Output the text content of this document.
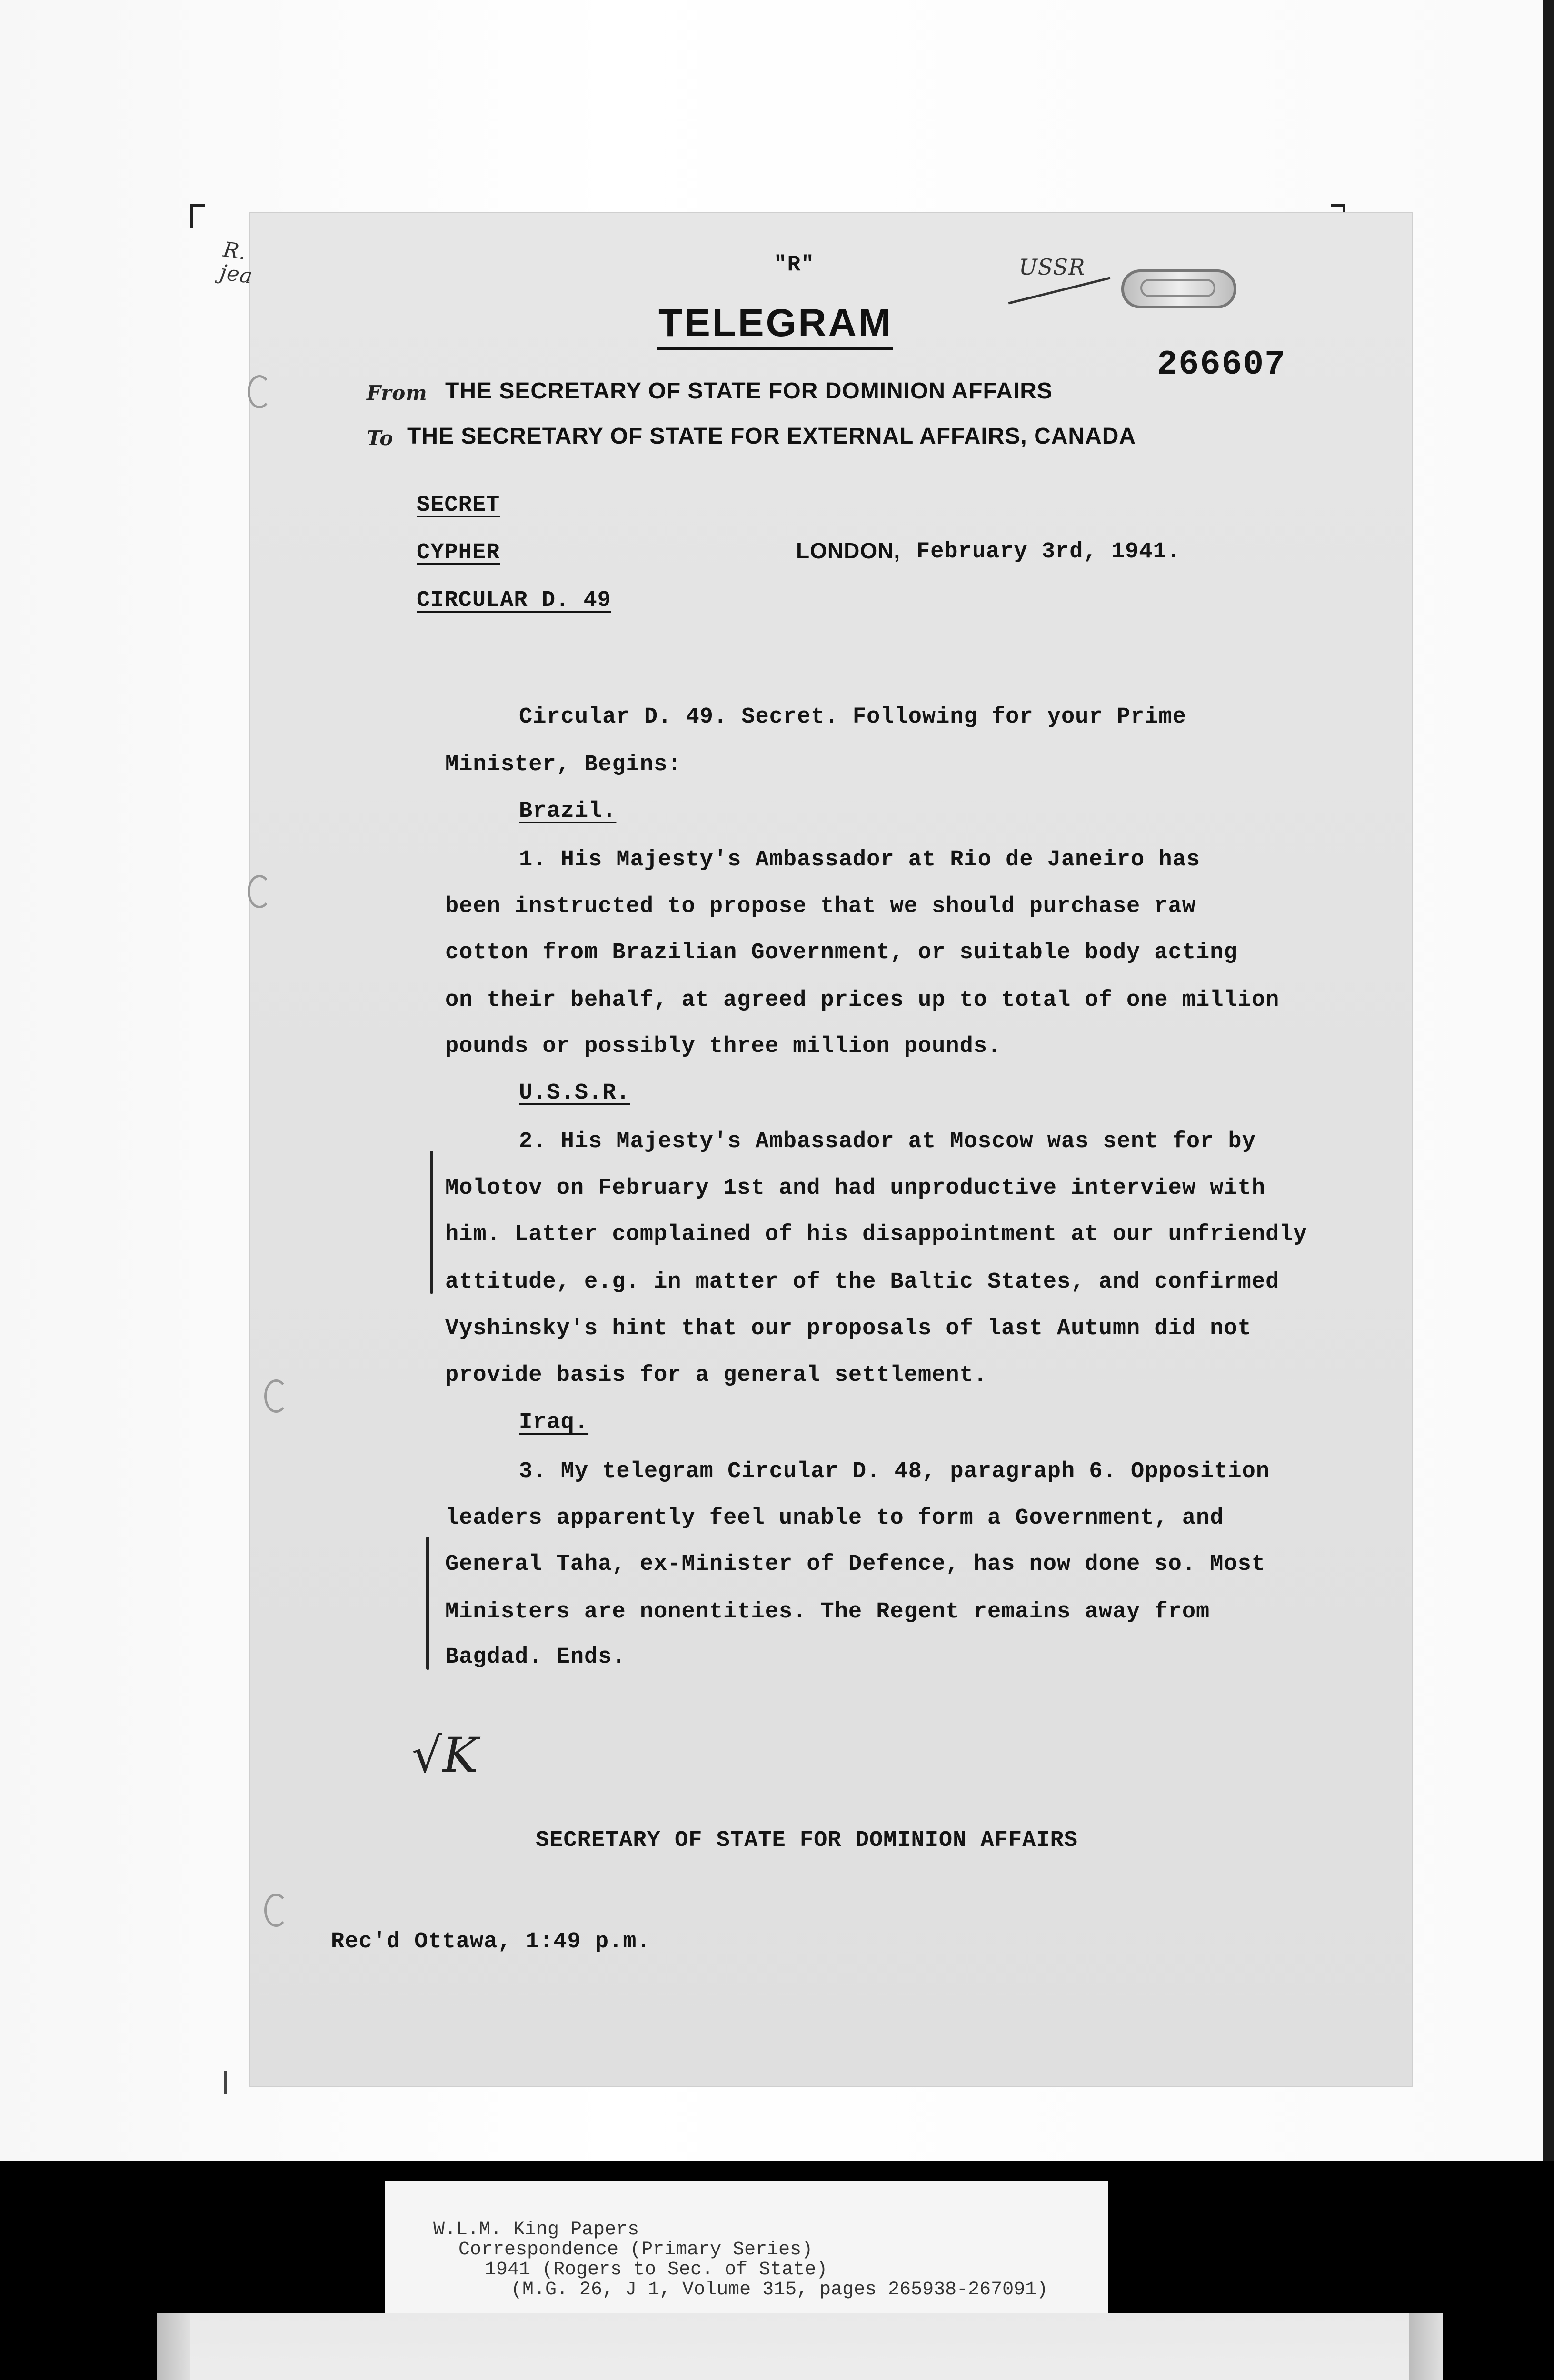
R. jea	USSR
"R"
TELEGRAM
From THE SECRETARY OF STATE FOR DOMINION AFFAIRS
266607
To THE SECRETARY OF STATE FOR EXTERNAL AFFAIRS, CANADA
SECRET
CYPHER
CIRCULAR D. 49
LONDON, February 3rd, 1941.
Circular D. 49. Secret. Following for your Prime
Minister, Begins:
Brazil.
1. His Majesty's Ambassador at Rio de Janeiro has
been instructed to propose that we should purchase raw
cotton from Brazilian Government, or suitable body acting
on their behalf, at agreed prices up to total of one million
pounds or possibly three million pounds.
U.S.S.R.
2. His Majesty's Ambassador at Moscow was sent for by
Molotov on February 1st and had unproductive interview with
him. Latter complained of his disappointment at our unfriendly
attitude, e.g. in matter of the Baltic States, and confirmed
Vyshinsky's hint that our proposals of last Autumn did not
provide basis for a general settlement.
Iraq.
3. My telegram Circular D. 48, paragraph 6. Opposition
leaders apparently feel unable to form a Government, and
General Taha, ex-Minister of Defence, has now done so. Most
Ministers are nonentities. The Regent remains away from
Bagdad. Ends.
√K
SECRETARY OF STATE FOR DOMINION AFFAIRS
Rec'd Ottawa, 1:49 p.m.
W.L.M. King Papers
Correspondence (Primary Series)
1941 (Rogers to Sec. of State)
(M.G. 26, J 1, Volume 315, pages 265938-267091)
